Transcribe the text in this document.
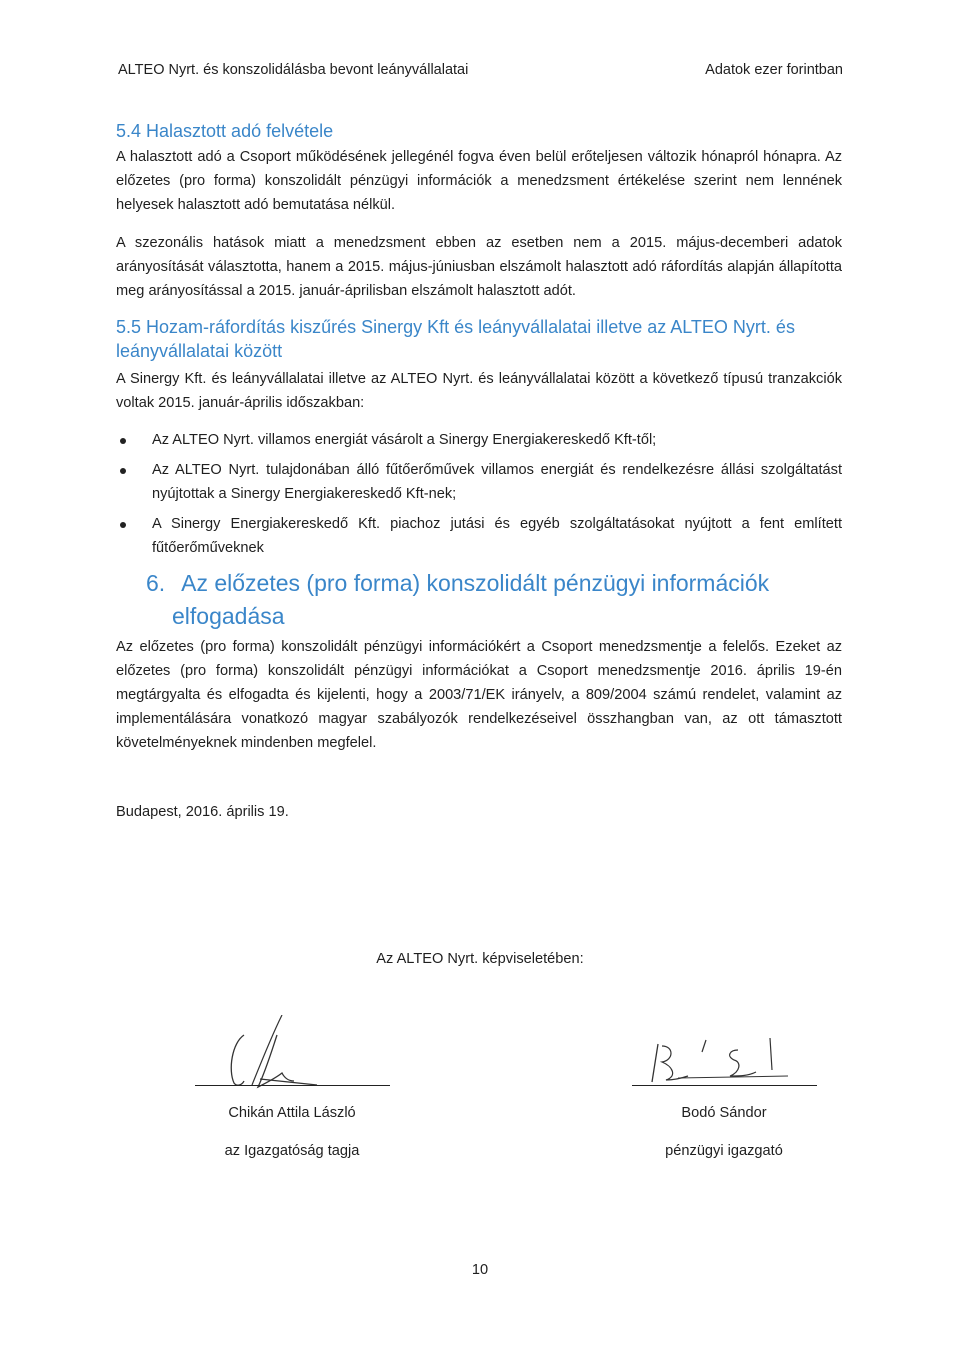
ALTEO Nyrt. és konszolidálásba bevont leányvállalatai	Adatok ezer forintban
5.4 Halasztott adó felvétele
A halasztott adó a Csoport működésének jellegénél fogva éven belül erőteljesen változik hónapról hónapra. Az előzetes (pro forma) konszolidált pénzügyi információk a menedzsment értékelése szerint nem lennének helyesek halasztott adó bemutatása nélkül.
A szezonális hatások miatt a menedzsment ebben az esetben nem a 2015. május-decemberi adatok arányosítását választotta, hanem a 2015. május-júniusban elszámolt halasztott adó ráfordítás alapján állapította meg arányosítással a 2015. január-áprilisban elszámolt halasztott adót.
5.5 Hozam-ráfordítás kiszűrés Sinergy Kft és leányvállalatai illetve az ALTEO Nyrt. és leányvállalatai között
A Sinergy Kft. és leányvállalatai illetve az ALTEO Nyrt. és leányvállalatai között a következő típusú tranzakciók voltak 2015. január-április időszakban:
Az ALTEO Nyrt. villamos energiát vásárolt a Sinergy Energiakereskedő Kft-től;
Az ALTEO Nyrt. tulajdonában álló fűtőerőművek villamos energiát és rendelkezésre állási szolgáltatást nyújtottak a Sinergy Energiakereskedő Kft-nek;
A Sinergy Energiakereskedő Kft. piachoz jutási és egyéb szolgáltatásokat nyújtott a fent említett fűtőerőműveknek
6. Az előzetes (pro forma) konszolidált pénzügyi információk
elfogadása
Az előzetes (pro forma) konszolidált pénzügyi információkért a Csoport menedzsmentje a felelős. Ezeket az előzetes (pro forma) konszolidált pénzügyi információkat a Csoport menedzsmentje 2016. április 19-én megtárgyalta és elfogadta és kijelenti, hogy a 2003/71/EK irányelv, a 809/2004 számú rendelet, valamint az implementálására vonatkozó magyar szabályozók rendelkezéseivel összhangban van, az ott támasztott követelményeknek mindenben megfelel.
Budapest, 2016. április 19.
Az ALTEO Nyrt. képviseletében:
Chikán Attila László
az Igazgatóság tagja
Bodó Sándor
pénzügyi igazgató
10
